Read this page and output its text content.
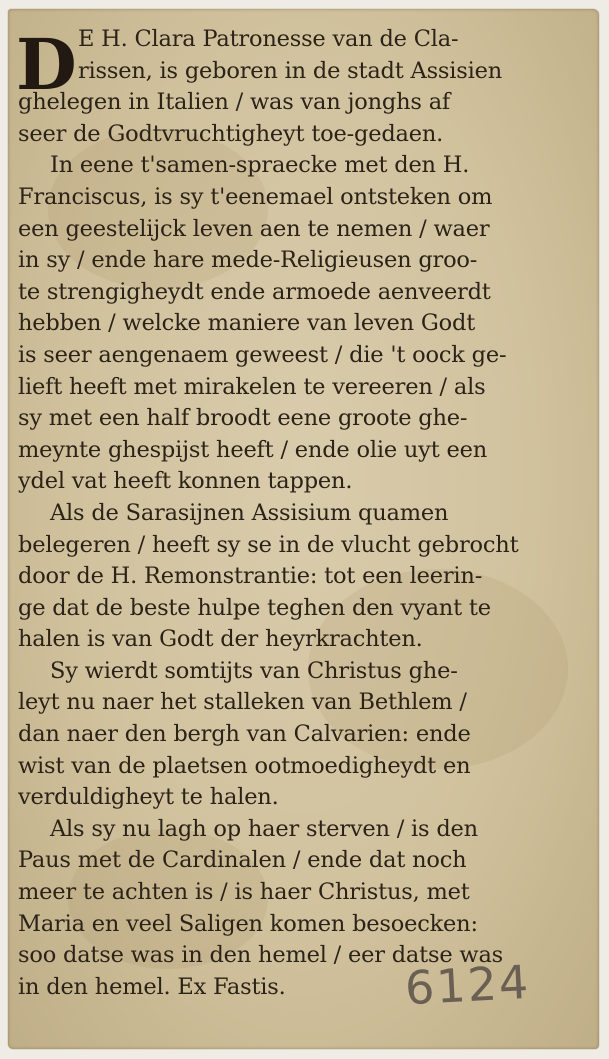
D E H. Clara Patronesse van de Cla-
rissen, is geboren in de stadt Assisien
ghelegen in Italien / was van jonghs af
seer de Godtvruchtigheyt toe-gedaen.
In eene t'samen-spraecke met den H.
Franciscus, is sy t'eenemael ontsteken om
een geestelijck leven aen te nemen / waer
in sy / ende hare mede-Religieusen groo-
te strengigheydt ende armoede aenveerdt
hebben / welcke maniere van leven Godt
is seer aengenaem geweest / die 't oock ge-
lieft heeft met mirakelen te vereeren / als
sy met een half broodt eene groote ghe-
meynte ghespijst heeft / ende olie uyt een
ydel vat heeft konnen tappen.
Als de Sarasijnen Assisium quamen
belegeren / heeft sy se in de vlucht gebrocht
door de H. Remonstrantie: tot een leerin-
ge dat de beste hulpe teghen den vyant te
halen is van Godt der heyrkrachten.
Sy wierdt somtijts van Christus ghe-
leyt nu naer het stalleken van Bethlem /
dan naer den bergh van Calvarien: ende
wist van de plaetsen ootmoedigheydt en
verduldigheyt te halen.
Als sy nu lagh op haer sterven / is den
Paus met de Cardinalen / ende dat noch
meer te achten is / is haer Christus, met
Maria en veel Saligen komen besoecken:
soo datse was in den hemel / eer datse was
in den hemel. Ex Fastis.	6124
